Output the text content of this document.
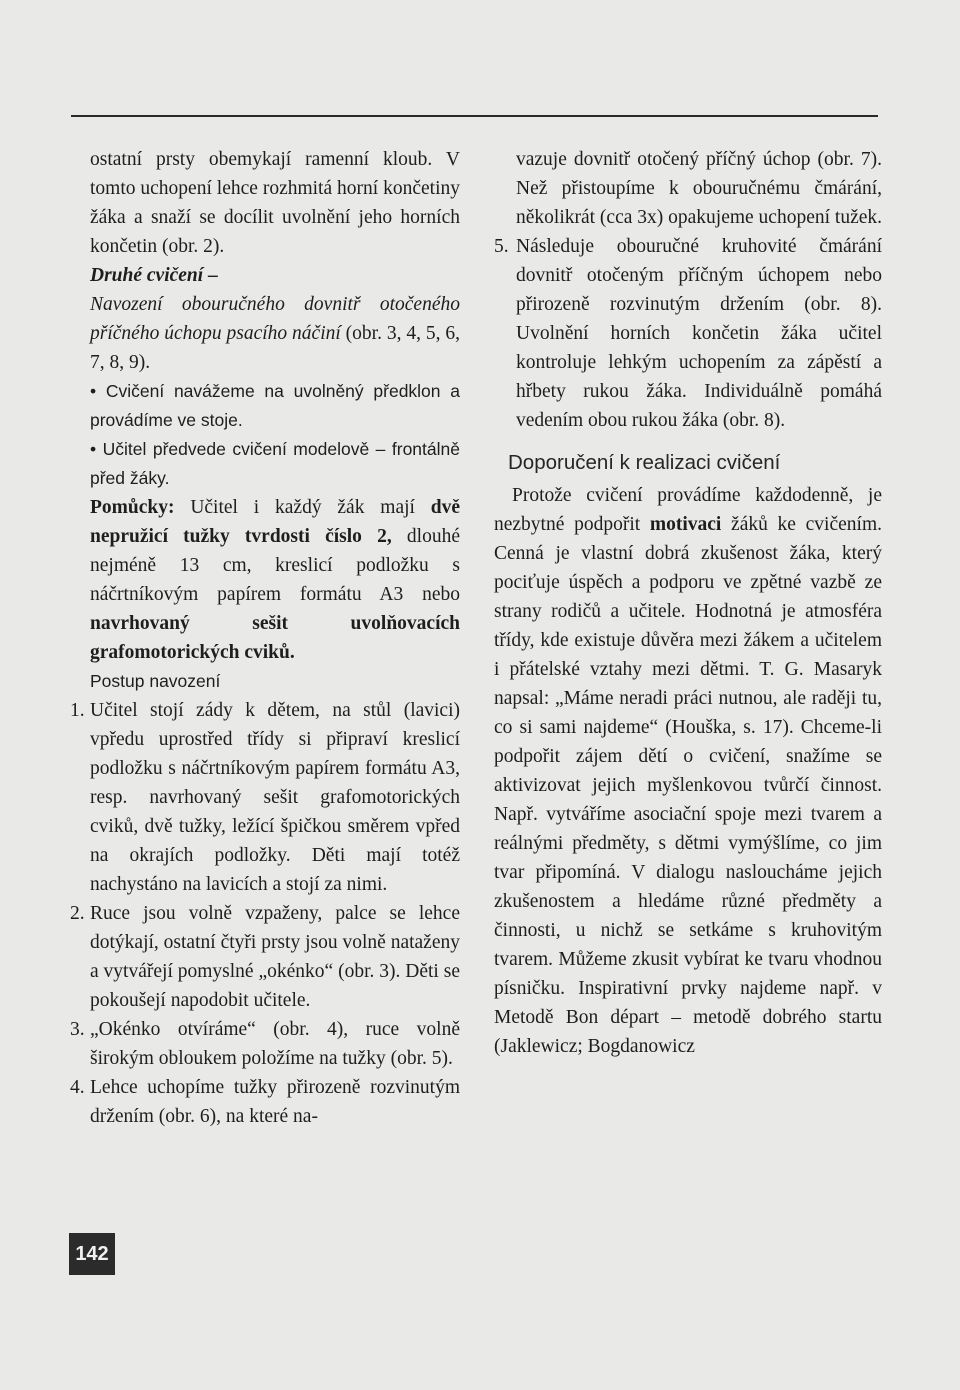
ostatní prsty obemykají ramenní kloub. V tomto uchopení lehce rozhmitá horní končetiny žáka a snaží se docílit uvolnění jeho horních končetin (obr. 2).

Druhé cvičení –
Navození obouručného dovnitř otočeného příčného úchopu psacího náčiní (obr. 3, 4, 5, 6, 7, 8, 9).

• Cvičení navážeme na uvolněný předklon a provádíme ve stoje.

• Učitel předvede cvičení modelově – frontálně před žáky.

Pomůcky: Učitel i každý žák mají dvě nepružicí tužky tvrdosti číslo 2, dlouhé nejméně 13 cm, kreslicí podložku s náčrtníkovým papírem formátu A3 nebo navrhovaný sešit uvolňovacích grafomotorických cviků.

Postup navození

1. Učitel stojí zády k dětem, na stůl (lavici) vpředu uprostřed třídy si připraví kreslicí podložku s náčrtníkovým papírem formátu A3, resp. navrhovaný sešit grafomotorických cviků, dvě tužky, ležící špičkou směrem vpřed na okrajích podložky. Děti mají totéž nachystáno na lavicích a stojí za nimi.
2. Ruce jsou volně vzpaženy, palce se lehce dotýkají, ostatní čtyři prsty jsou volně nataženy a vytvářejí pomyslné „okénko“ (obr. 3). Děti se pokoušejí napodobit učitele.
3. „Okénko otvíráme“ (obr. 4), ruce volně širokým obloukem položíme na tužky (obr. 5).
4. Lehce uchopíme tužky přirozeně rozvinutým držením (obr. 6), na které na-

vazuje dovnitř otočený příčný úchop (obr. 7). Než přistoupíme k obouručnému čmárání, několikrát (cca 3x) opakujeme uchopení tužek.

5. Následuje obouručné kruhovité čmárání dovnitř otočeným příčným úchopem nebo přirozeně rozvinutým držením (obr. 8). Uvolnění horních končetin žáka učitel kontroluje lehkým uchopením za zápěstí a hřbety rukou žáka. Individuálně pomáhá vedením obou rukou žáka (obr. 8).

Doporučení k realizaci cvičení

Protože cvičení provádíme každodenně, je nezbytné podpořit motivaci žáků ke cvičením. Cenná je vlastní dobrá zkušenost žáka, který pociťuje úspěch a podporu ve zpětné vazbě ze strany rodičů a učitele. Hodnotná je atmosféra třídy, kde existuje důvěra mezi žákem a učitelem i přátelské vztahy mezi dětmi. T. G. Masaryk napsal: „Máme neradi práci nutnou, ale raději tu, co si sami najdeme“ (Houška, s. 17). Chceme-li podpořit zájem dětí o cvičení, snažíme se aktivizovat jejich myšlenkovou tvůrčí činnost. Např. vytváříme asociační spoje mezi tvarem a reálnými předměty, s dětmi vymýšlíme, co jim tvar připomíná. V dialogu nasloucháme jejich zkušenostem a hledáme různé předměty a činnosti, u nichž se setkáme s kruhovitým tvarem. Můžeme zkusit vybírat ke tvaru vhodnou písničku. Inspirativní prvky najdeme např. v Metodě Bon départ – metodě dobrého startu (Jaklewicz; Bogdanowicz

142
